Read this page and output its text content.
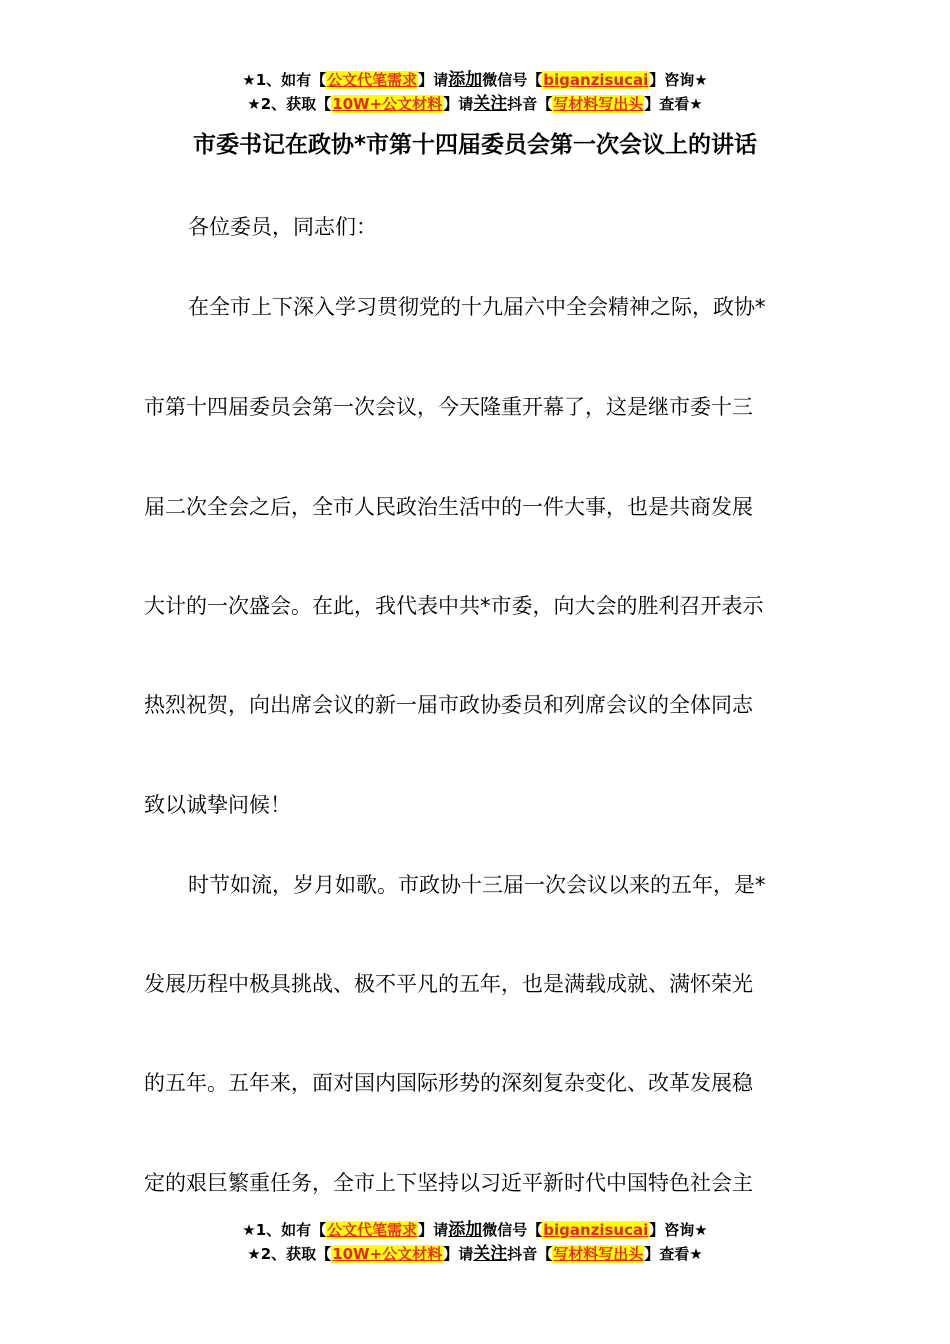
★1、如有【公文代笔需求】请添加微信号【biganzisucai】咨询★
★2、获取【10W+公文材料】请关注抖音【写材料写出头】查看★
市委书记在政协*市第十四届委员会第一次会议上的讲话

各位委员，同志们：

在全市上下深入学习贯彻党的十九届六中全会精神之际，政协*

市第十四届委员会第一次会议，今天隆重开幕了，这是继市委十三

届二次全会之后，全市人民政治生活中的一件大事，也是共商发展

大计的一次盛会。在此，我代表中共*市委，向大会的胜利召开表示

热烈祝贺，向出席会议的新一届市政协委员和列席会议的全体同志

致以诚挚问候！

时节如流，岁月如歌。市政协十三届一次会议以来的五年，是*

发展历程中极具挑战、极不平凡的五年，也是满载成就、满怀荣光

的五年。五年来，面对国内国际形势的深刻复杂变化、改革发展稳

定的艰巨繁重任务，全市上下坚持以习近平新时代中国特色社会主

★1、如有【公文代笔需求】请添加微信号【biganzisucai】咨询★
★2、获取【10W+公文材料】请关注抖音【写材料写出头】查看★
